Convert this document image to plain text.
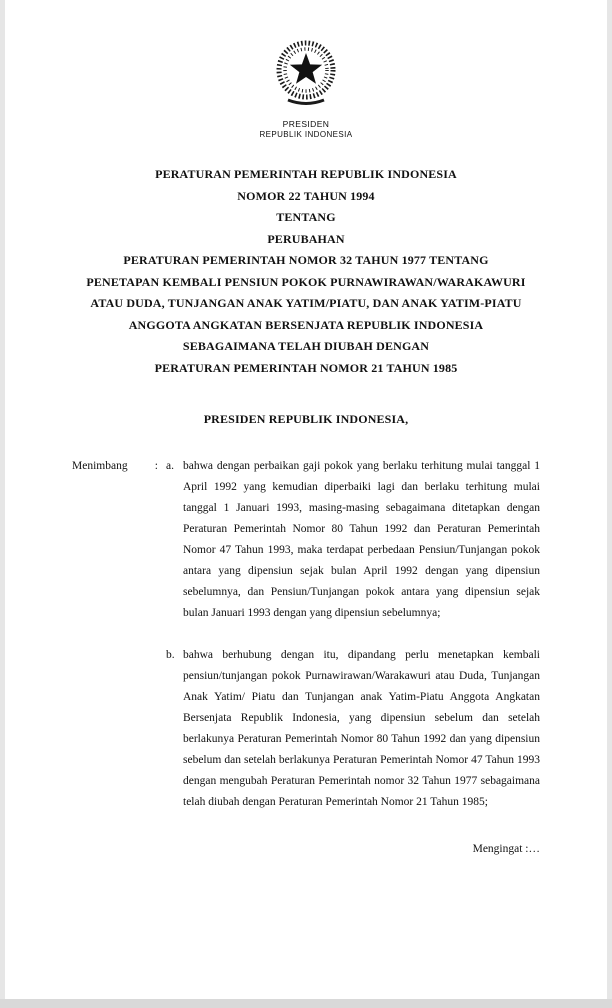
PRESIDEN
REPUBLIK INDONESIA
PERATURAN PEMERINTAH REPUBLIK INDONESIA
NOMOR 22 TAHUN 1994
TENTANG
PERUBAHAN
PERATURAN PEMERINTAH NOMOR 32 TAHUN 1977 TENTANG
PENETAPAN KEMBALI PENSIUN POKOK PURNAWIRAWAN/WARAKAWURI
ATAU DUDA, TUNJANGAN ANAK YATIM/PIATU, DAN ANAK YATIM-PIATU
ANGGOTA ANGKATAN BERSENJATA REPUBLIK INDONESIA
SEBAGAIMANA TELAH DIUBAH DENGAN
PERATURAN PEMERINTAH NOMOR 21 TAHUN 1985

PRESIDEN REPUBLIK INDONESIA,

Menimbang : a. bahwa dengan perbaikan gaji pokok yang berlaku terhitung mulai tanggal 1 April 1992 yang kemudian diperbaiki lagi dan berlaku terhitung mulai tanggal 1 Januari 1993, masing-masing sebagaimana ditetapkan dengan Peraturan Pemerintah Nomor 80 Tahun 1992 dan Peraturan Pemerintah Nomor 47 Tahun 1993, maka terdapat perbedaan Pensiun/Tunjangan pokok antara yang dipensiun sejak bulan April 1992 dengan yang dipensiun sebelumnya, dan Pensiun/Tunjangan pokok antara yang dipensiun sejak bulan Januari 1993 dengan yang dipensiun sebelumnya;

b. bahwa berhubung dengan itu, dipandang perlu menetapkan kembali pensiun/tunjangan pokok Purnawirawan/Warakawuri atau Duda, Tunjangan Anak Yatim/ Piatu dan Tunjangan anak Yatim-Piatu Anggota Angkatan Bersenjata Republik Indonesia, yang dipensiun sebelum dan setelah berlakunya Peraturan Pemerintah Nomor 80 Tahun 1992 dan yang dipensiun sebelum dan setelah berlakunya Peraturan Pemerintah Nomor 47 Tahun 1993 dengan mengubah Peraturan Pemerintah nomor 32 Tahun 1977 sebagaimana telah diubah dengan Peraturan Pemerintah Nomor 21 Tahun 1985;

Mengingat :…
